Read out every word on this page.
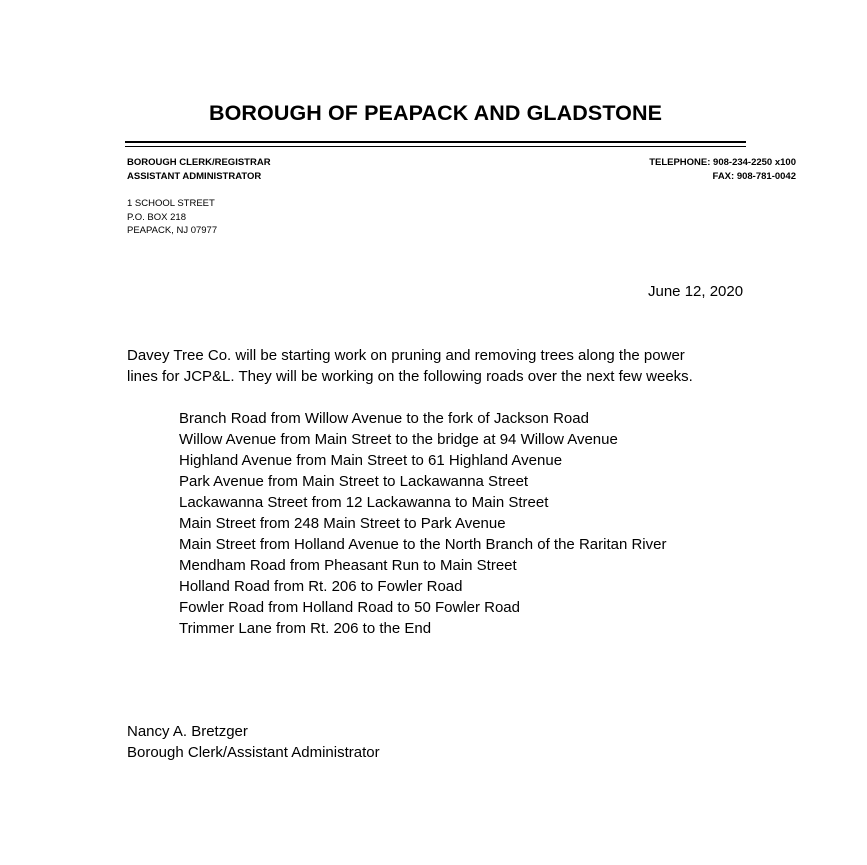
BOROUGH OF PEAPACK AND GLADSTONE
BOROUGH CLERK/REGISTRAR
ASSISTANT ADMINISTRATOR
TELEPHONE: 908-234-2250 x100
FAX: 908-781-0042
1 SCHOOL STREET
P.O. BOX 218
PEAPACK, NJ 07977
June 12, 2020
Davey Tree Co. will be starting work on pruning and removing trees along the power
lines for JCP&L. They will be working on the following roads over the next few weeks.
Branch Road from Willow Avenue to the fork of Jackson Road
Willow Avenue from Main Street to the bridge at 94 Willow Avenue
Highland Avenue from Main Street to 61 Highland Avenue
Park Avenue from Main Street to Lackawanna Street
Lackawanna Street from 12 Lackawanna to Main Street
Main Street from 248 Main Street to Park Avenue
Main Street from Holland Avenue to the North Branch of the Raritan River
Mendham Road from Pheasant Run to Main Street
Holland Road from Rt. 206 to Fowler Road
Fowler Road from Holland Road to 50 Fowler Road
Trimmer Lane from Rt. 206 to the End
Nancy A. Bretzger
Borough Clerk/Assistant Administrator
